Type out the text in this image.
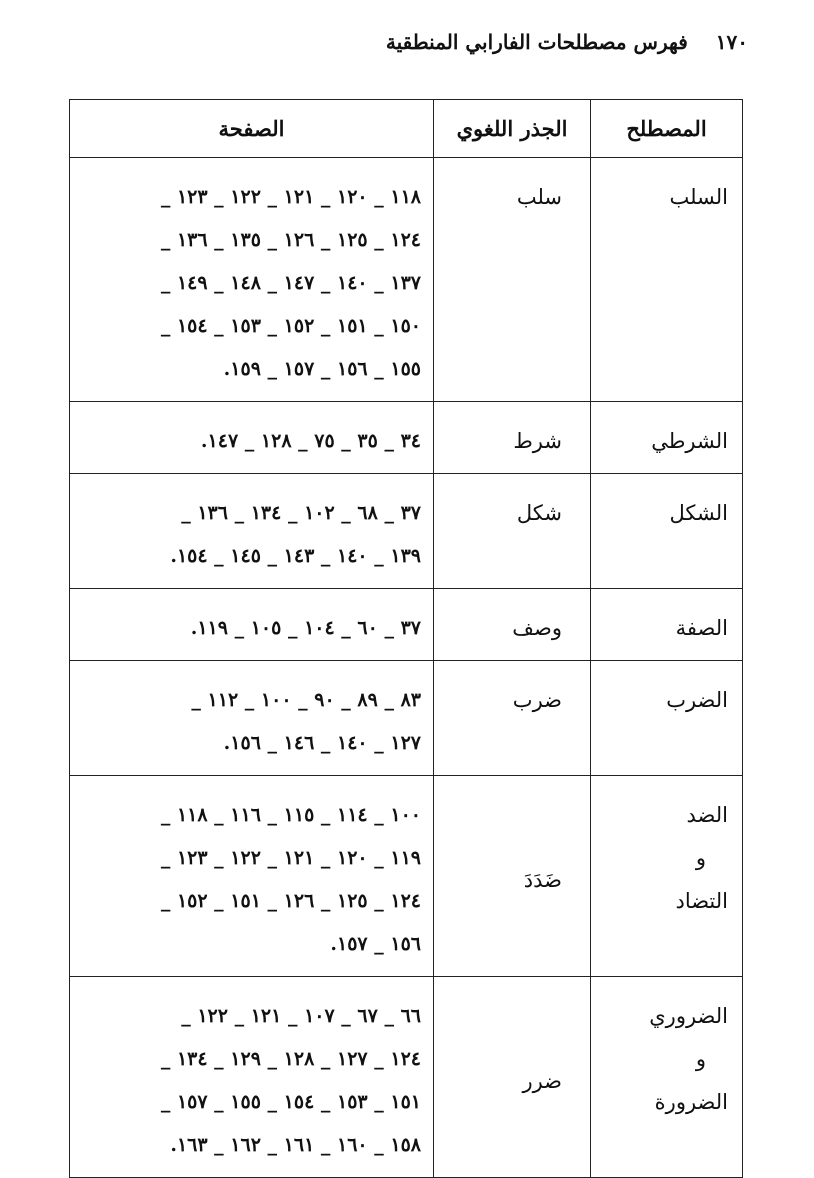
١٧٠فهرس مصطلحات الفارابي المنطقية
المصطلح	الجذر اللغوي	الصفحة

السلب	سلب	١١٨ _ ١٢٠ _ ١٢١ _ ١٢٢ _ ١٢٣ _
١٢٤ _ ١٢٥ _ ١٢٦ _ ١٣٥ _ ١٣٦ _
١٣٧ _ ١٤٠ _ ١٤٧ _ ١٤٨ _ ١٤٩ _
١٥٠ _ ١٥١ _ ١٥٢ _ ١٥٣ _ ١٥٤ _
١٥٥ _ ١٥٦ _ ١٥٧ _ ١٥٩.

الشرطي	شرط	٣٤ _ ٣٥ _ ٧٥ _ ١٢٨ _ ١٤٧.

الشكل	شكل	٣٧ _ ٦٨ _ ١٠٢ _ ١٣٤ _ ١٣٦ _
١٣٩ _ ١٤٠ _ ١٤٣ _ ١٤٥ _ ١٥٤.

الصفة	وصف	٣٧ _ ٦٠ _ ١٠٤ _ ١٠٥ _ ١١٩.

الضرب	ضرب	٨٣ _ ٨٩ _ ٩٠ _ ١٠٠ _ ١١٢ _
١٢٧ _ ١٤٠ _ ١٤٦ _ ١٥٦.

الضد
و
التضاد	ضَدَدَ	١٠٠ _ ١١٤ _ ١١٥ _ ١١٦ _ ١١٨ _
١١٩ _ ١٢٠ _ ١٢١ _ ١٢٢ _ ١٢٣ _
١٢٤ _ ١٢٥ _ ١٢٦ _ ١٥١ _ ١٥٢ _
١٥٦ _ ١٥٧.

الضروري
و
الضرورة	ضرر	٦٦ _ ٦٧ _ ١٠٧ _ ١٢١ _ ١٢٢ _
١٢٤ _ ١٢٧ _ ١٢٨ _ ١٢٩ _ ١٣٤ _
١٥١ _ ١٥٣ _ ١٥٤ _ ١٥٥ _ ١٥٧ _
١٥٨ _ ١٦٠ _ ١٦١ _ ١٦٢ _ ١٦٣.
